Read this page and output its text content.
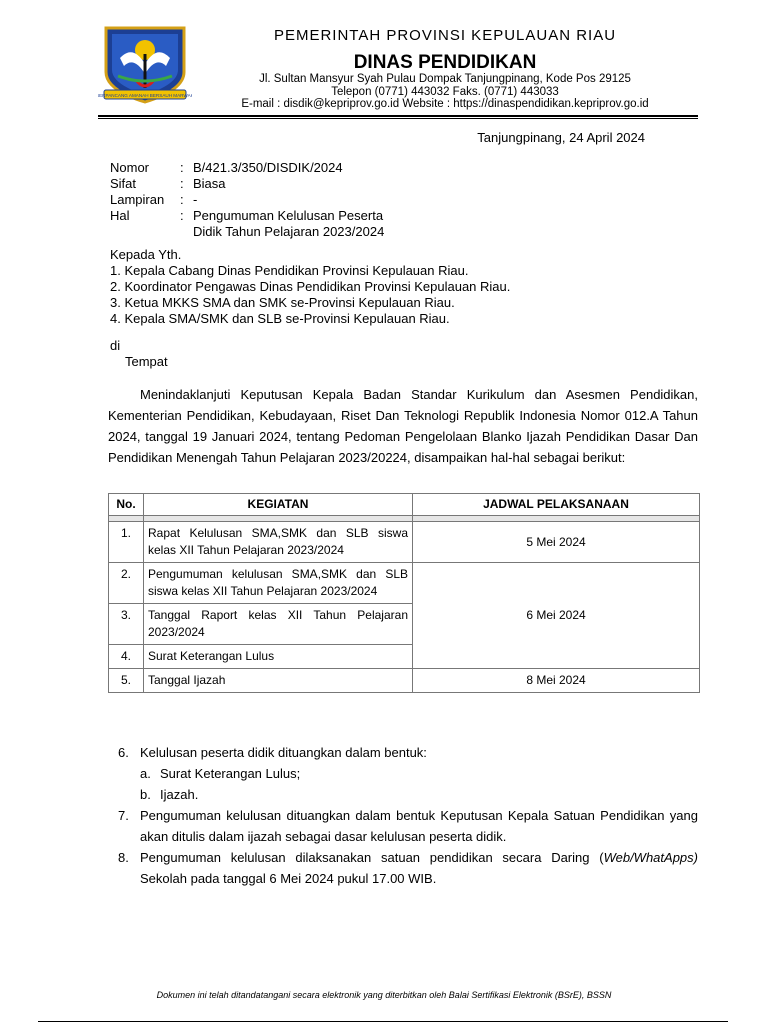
BERPANCANG AMANAH BERSAUH MARWAH
PEMERINTAH PROVINSI KEPULAUAN RIAU
DINAS PENDIDIKAN
Jl. Sultan Mansyur Syah Pulau Dompak Tanjungpinang, Kode Pos 29125
Telepon (0771) 443032 Faks. (0771) 443033
E-mail : disdik@kepriprov.go.id Website : https://dinaspendidikan.kepriprov.go.id
Tanjungpinang, 24 April 2024
Nomor	: B/421.3/350/DISDIK/2024
Sifat	: Biasa
Lampiran	: -
Hal	: Pengumuman Kelulusan Peserta
Didik Tahun Pelajaran 2023/2024
Kepada Yth.
1. Kepala Cabang Dinas Pendidikan Provinsi Kepulauan Riau.
2. Koordinator Pengawas Dinas Pendidikan Provinsi Kepulauan Riau.
3. Ketua MKKS SMA dan SMK se-Provinsi Kepulauan Riau.
4. Kepala SMA/SMK dan SLB se-Provinsi Kepulauan Riau.
di
Tempat
Menindaklanjuti Keputusan Kepala Badan Standar Kurikulum dan Asesmen Pendidikan, Kementerian Pendidikan, Kebudayaan, Riset Dan Teknologi Republik Indonesia Nomor 012.A Tahun 2024, tanggal 19 Januari 2024, tentang Pedoman Pengelolaan Blanko Ijazah Pendidikan Dasar Dan Pendidikan Menengah Tahun Pelajaran 2023/20224, disampaikan hal-hal sebagai berikut:
No.	KEGIATAN	JADWAL PELAKSANAAN

1.	Rapat Kelulusan SMA,SMK dan SLB siswa kelas XII Tahun Pelajaran 2023/2024	5 Mei 2024
2.	Pengumuman kelulusan SMA,SMK dan SLB siswa kelas XII Tahun Pelajaran 2023/2024	6 Mei 2024
3.	Tanggal Raport kelas XII Tahun Pelajaran 2023/2024	
4.	Surat Keterangan Lulus	
5.	Tanggal Ijazah	8 Mei 2024
6. Kelulusan peserta didik dituangkan dalam bentuk:
a. Surat Keterangan Lulus;
b. Ijazah.
7. Pengumuman kelulusan dituangkan dalam bentuk Keputusan Kepala Satuan Pendidikan yang akan ditulis dalam ijazah sebagai dasar kelulusan peserta didik.
8. Pengumuman kelulusan dilaksanakan satuan pendidikan secara Daring (Web/WhatApps) Sekolah pada tanggal 6 Mei 2024 pukul 17.00 WIB.
Dokumen ini telah ditandatangani secara elektronik yang diterbitkan oleh Balai Sertifikasi Elektronik (BSrE), BSSN
